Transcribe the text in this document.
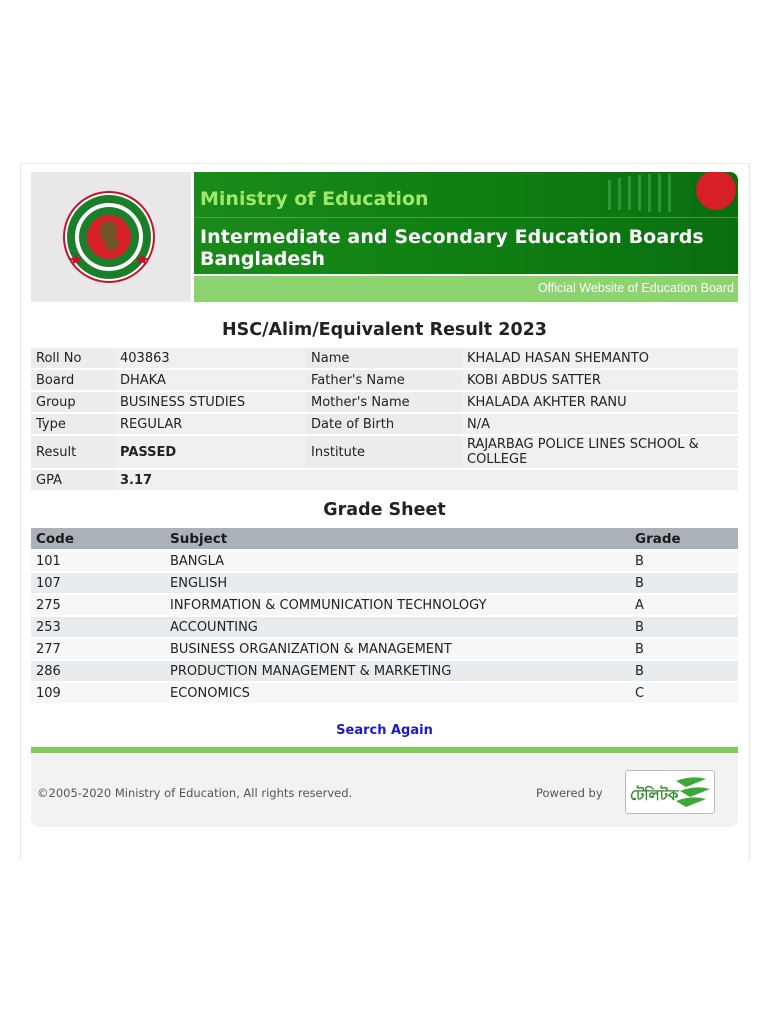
Ministry of Education
Intermediate and Secondary Education Boards
Bangladesh
Official Website of Education Board
HSC/Alim/Equivalent Result 2023
Roll No	403863	Name	KHALAD HASAN SHEMANTO
Board	DHAKA	Father's Name	KOBI ABDUS SATTER
Group	BUSINESS STUDIES	Mother's Name	KHALADA AKHTER RANU
Type	REGULAR	Date of Birth	N/A
Result	PASSED	Institute	RAJARBAG POLICE LINES SCHOOL & COLLEGE
GPA	3.17		
Grade Sheet
Code	Subject	Grade
101	BANGLA	B
107	ENGLISH	B
275	INFORMATION & COMMUNICATION TECHNOLOGY	A
253	ACCOUNTING	B
277	BUSINESS ORGANIZATION & MANAGEMENT	B
286	PRODUCTION MANAGEMENT & MARKETING	B
109	ECONOMICS	C
Search Again
©2005-2020 Ministry of Education, All rights reserved.	Powered by টেলিটক
